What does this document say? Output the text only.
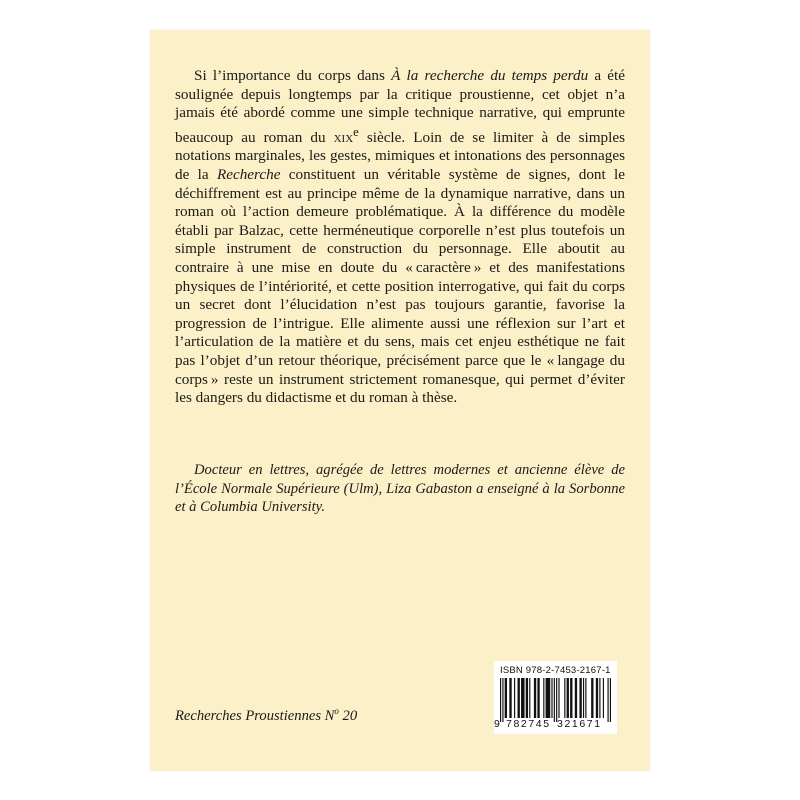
Si l’importance du corps dans À la recherche du temps perdu a été soulignée depuis longtemps par la critique proustienne, cet objet n’a jamais été abordé comme une simple technique narrative, qui emprunte beaucoup au roman du xix$^e$ siècle. Loin de se limiter à de simples notations marginales, les gestes, mimiques et intonations des personnages de la Recherche constituent un véritable système de signes, dont le déchiffrement est au principe même de la dynamique narrative, dans un roman où l’action demeure problématique. À la différence du modèle établi par Balzac, cette herméneutique corporelle n’est plus toutefois un simple instrument de construction du personnage. Elle aboutit au contraire à une mise en doute du « caractère » et des manifestations physiques de l’intériorité, et cette position interrogative, qui fait du corps un secret dont l’élucidation n’est pas toujours garantie, favorise la progression de l’intrigue. Elle alimente aussi une réflexion sur l’art et l’articulation de la matière et du sens, mais cet enjeu esthétique ne fait pas l’objet d’un retour théorique, précisément parce que le « langage du corps » reste un instrument strictement romanesque, qui permet d’éviter les dangers du didactisme et du roman à thèse.

Docteur en lettres, agrégée de lettres modernes et ancienne élève de l’École Normale Supérieure (Ulm), Liza Gabaston a enseigné à la Sorbonne et à Columbia University.

Recherches Proustiennes $N^o$ 20
ISBN 978-2-7453-2167-1
9 782745 321671
